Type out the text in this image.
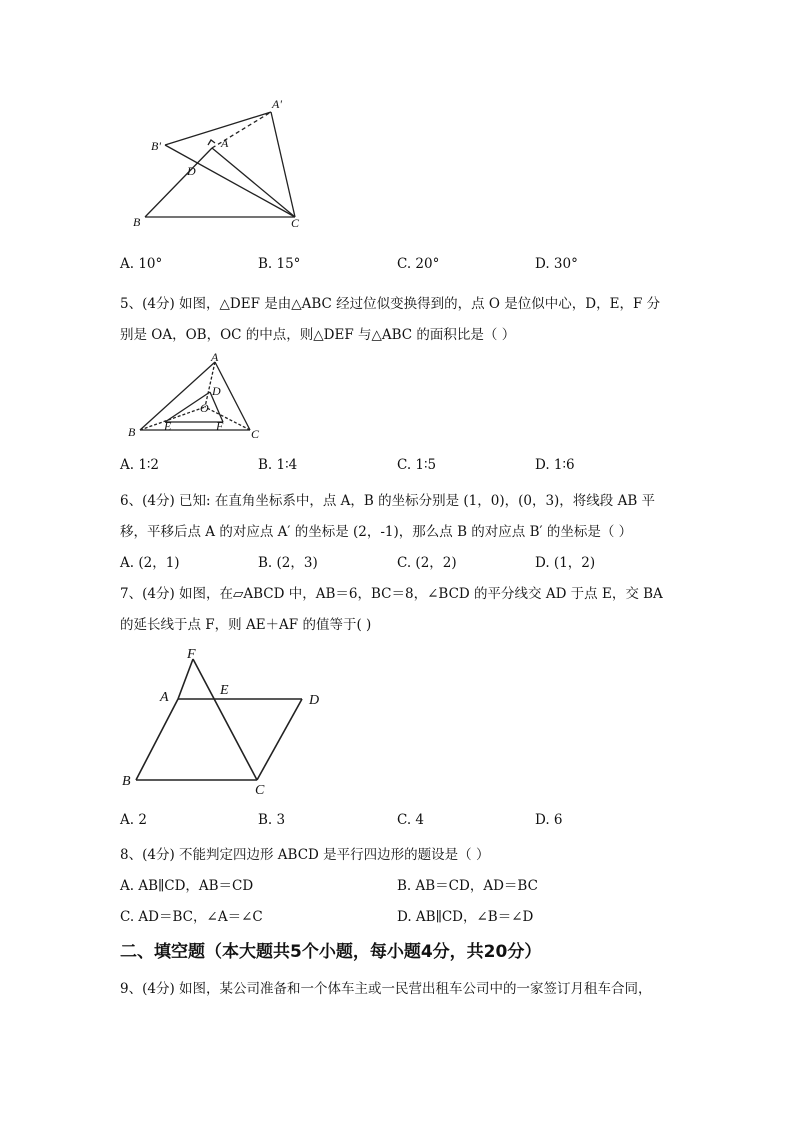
A'
B'	A
D
B	C
A. 10°	B. 15°	C. 20°	D. 30°
5、(4分) 如图，△DEF 是由△ABC 经过位似变换得到的，点 O 是位似中心，D，E，F 分
别是 OA，OB，OC 的中点，则△DEF 与△ABC 的面积比是（ ）
A
D
O
B E	F
C
A. 1∶2	B. 1∶4	C. 1∶5	D. 1∶6
6、(4分) 已知: 在直角坐标系中，点 A，B 的坐标分别是 (1，0)，(0，3)，将线段 AB 平
移，平移后点 A 的对应点 A′ 的坐标是 (2，-1)，那么点 B 的对应点 B′ 的坐标是（ ）
A. (2，1)	B. (2，3)	C. (2，2)	D. (1，2)
7、(4分) 如图，在▱ABCD 中，AB＝6，BC＝8，∠BCD 的平分线交 AD 于点 E，交 BA
的延长线于点 F，则 AE＋AF 的值等于( )
F
A	E
D
B
C
A. 2	B. 3	C. 4	D. 6
8、(4分) 不能判定四边形 ABCD 是平行四边形的题设是（ ）
A. AB∥CD，AB＝CD	B. AB＝CD，AD＝BC
C. AD＝BC，∠A＝∠C	D. AB∥CD，∠B＝∠D
二、填空题（本大题共5个小题，每小题4分，共20分）
9、(4分) 如图，某公司准备和一个体车主或一民营出租车公司中的一家签订月租车合同，
